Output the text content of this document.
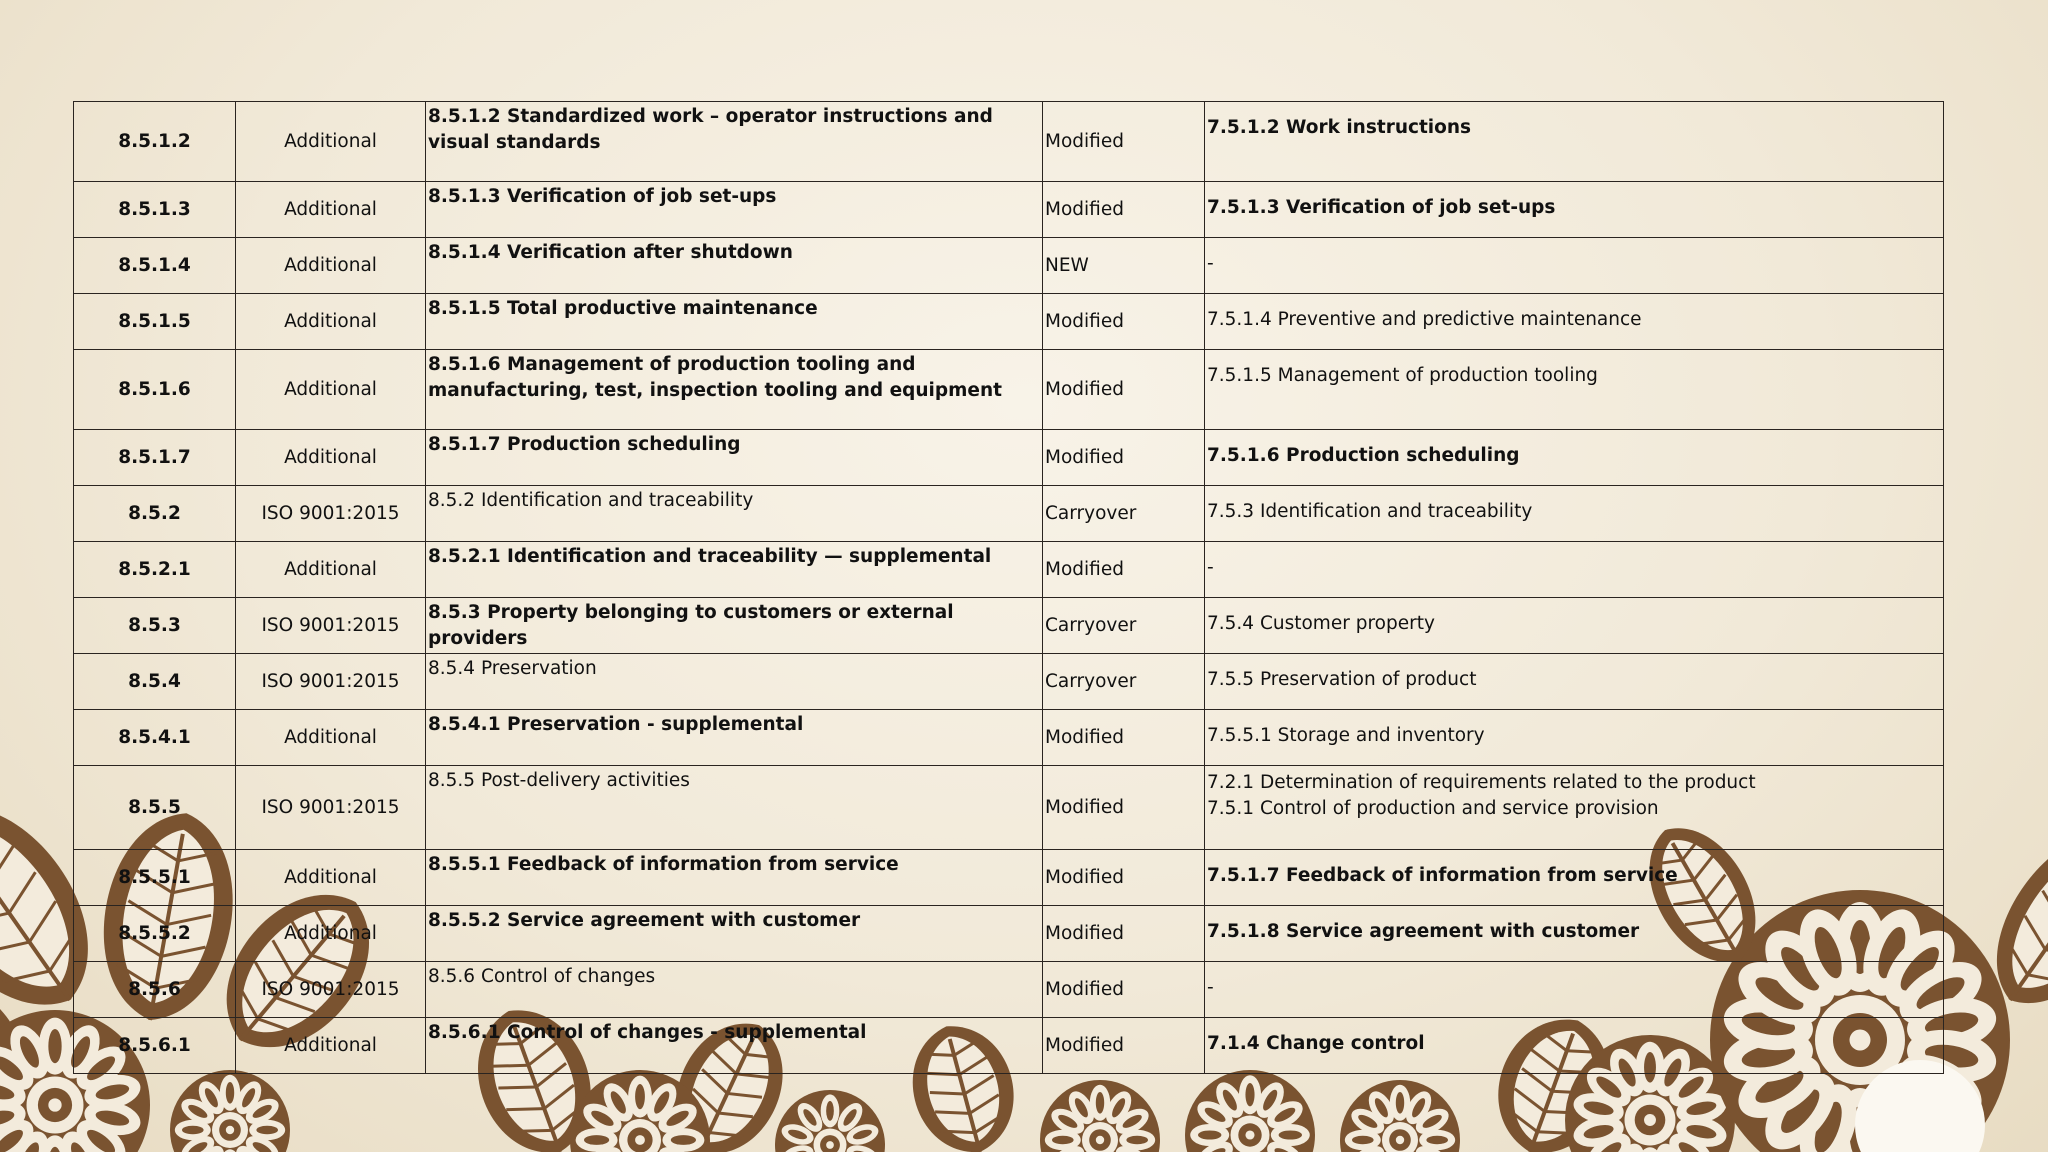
8.5.1.2	Additional	8.5.1.2 Standardized work – operator instructions and visual standards	Modified	7.5.1.2 Work instructions

8.5.1.3	Additional	8.5.1.3 Verification of job set-ups	Modified	7.5.1.3 Verification of job set-ups

8.5.1.4	Additional	8.5.1.4 Verification after shutdown	NEW	-

8.5.1.5	Additional	8.5.1.5 Total productive maintenance	Modified	7.5.1.4 Preventive and predictive maintenance

8.5.1.6	Additional	8.5.1.6 Management of production tooling and manufacturing, test, inspection tooling and equipment	Modified	7.5.1.5 Management of production tooling

8.5.1.7	Additional	8.5.1.7 Production scheduling	Modified	7.5.1.6 Production scheduling

8.5.2	ISO 9001:2015	8.5.2 Identification and traceability	Carryover	7.5.3 Identification and traceability

8.5.2.1	Additional	8.5.2.1 Identification and traceability — supplemental	Modified	-

8.5.3	ISO 9001:2015	8.5.3 Property belonging to customers or external providers	Carryover	7.5.4 Customer property

8.5.4	ISO 9001:2015	8.5.4 Preservation	Carryover	7.5.5 Preservation of product

8.5.4.1	Additional	8.5.4.1 Preservation - supplemental	Modified	7.5.5.1 Storage and inventory

8.5.5	ISO 9001:2015	8.5.5 Post-delivery activities	Modified	7.2.1 Determination of requirements related to the product
7.5.1 Control of production and service provision

8.5.5.1	Additional	8.5.5.1 Feedback of information from service	Modified	7.5.1.7 Feedback of information from service

8.5.5.2	Additional	8.5.5.2 Service agreement with customer	Modified	7.5.1.8 Service agreement with customer

8.5.6	ISO 9001:2015	8.5.6 Control of changes	Modified	-

8.5.6.1	Additional	8.5.6.1 Control of changes - supplemental	Modified	7.1.4 Change control
